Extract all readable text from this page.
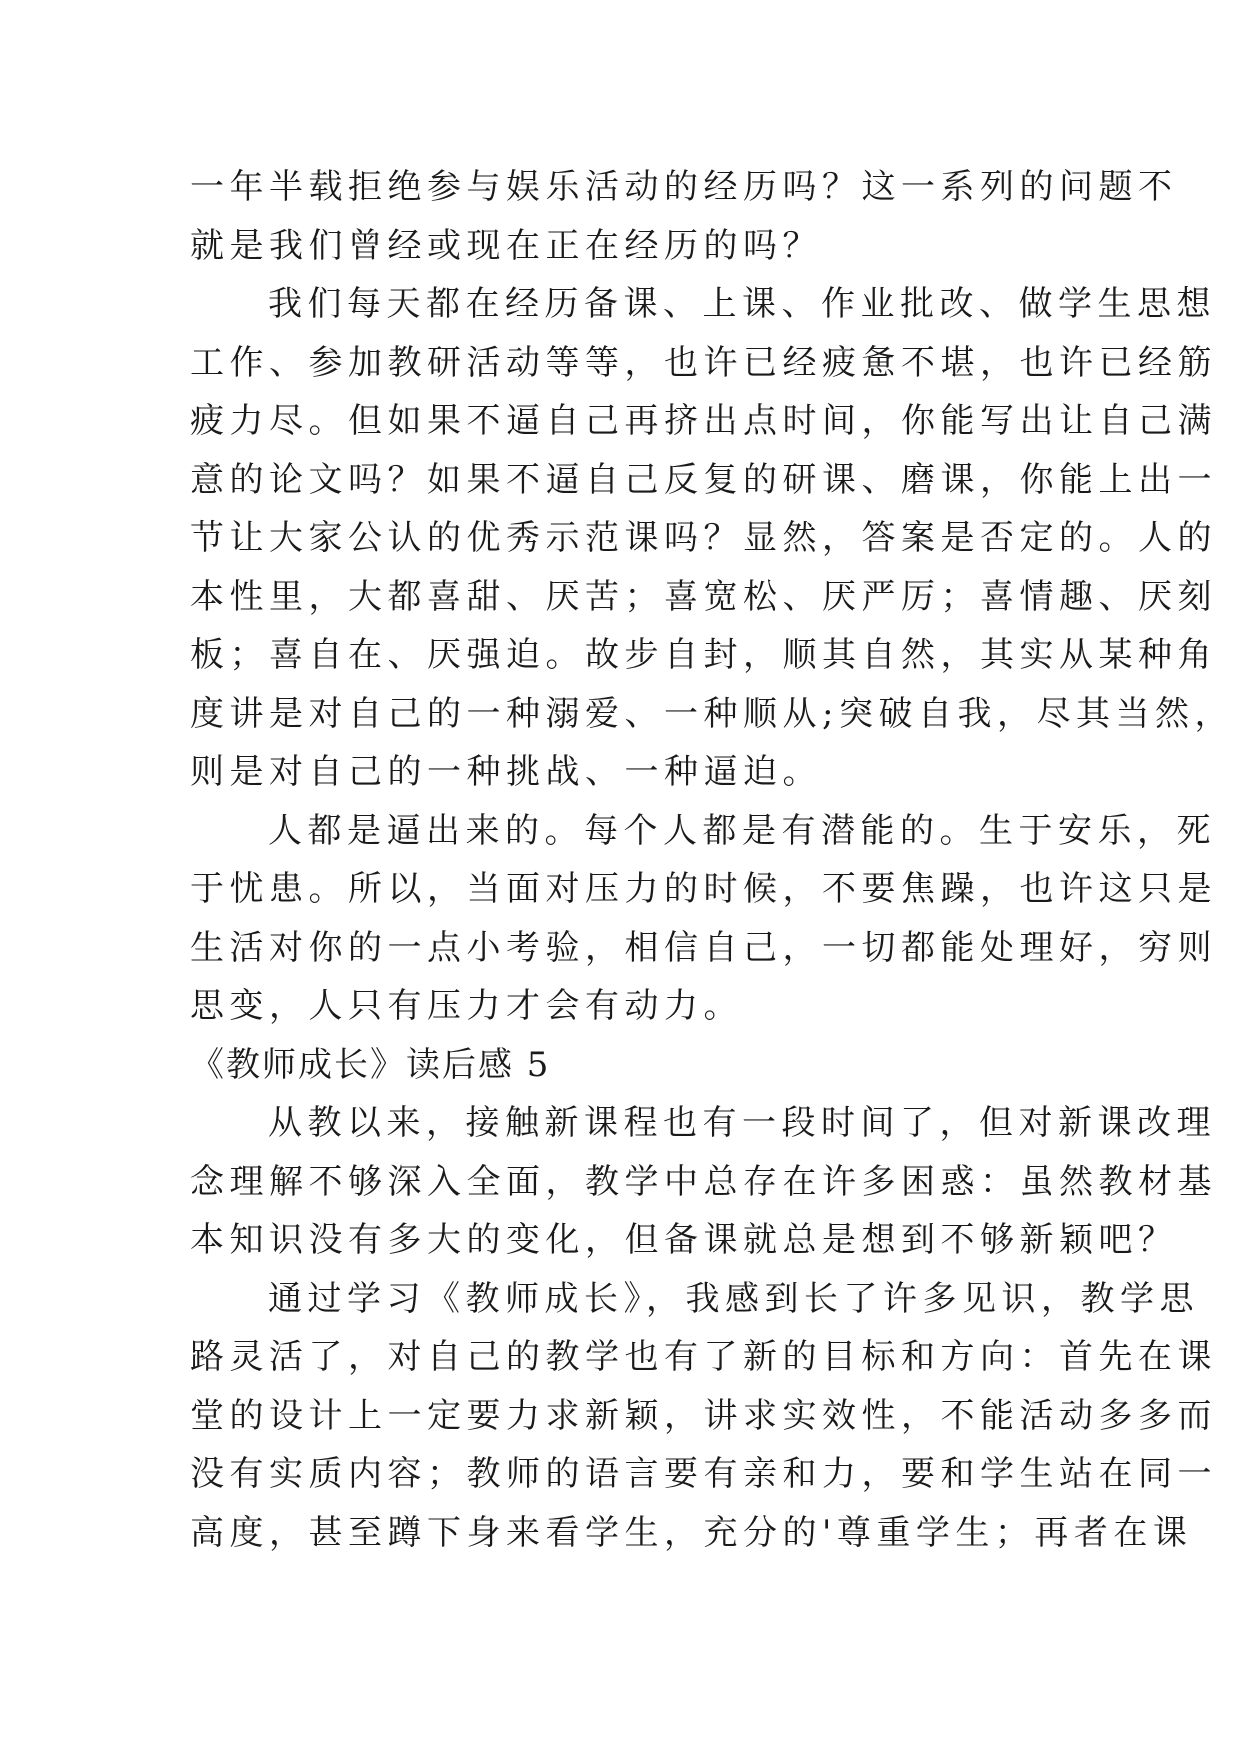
一年半载拒绝参与娱乐活动的经历吗？这一系列的问题不
就是我们曾经或现在正在经历的吗？
我们每天都在经历备课、上课、作业批改、做学生思想
工作、参加教研活动等等，也许已经疲惫不堪，也许已经筋
疲力尽。但如果不逼自己再挤出点时间，你能写出让自己满
意的论文吗？如果不逼自己反复的研课、磨课，你能上出一
节让大家公认的优秀示范课吗？显然，答案是否定的。人的
本性里，大都喜甜、厌苦；喜宽松、厌严厉；喜情趣、厌刻
板；喜自在、厌强迫。故步自封，顺其自然，其实从某种角
度讲是对自己的一种溺爱、一种顺从;突破自我，尽其当然，
则是对自己的一种挑战、一种逼迫。
人都是逼出来的。每个人都是有潜能的。生于安乐，死
于忧患。所以，当面对压力的时候，不要焦躁，也许这只是
生活对你的一点小考验，相信自己，一切都能处理好，穷则
思变，人只有压力才会有动力。
《教师成长》读后感 5
从教以来，接触新课程也有一段时间了，但对新课改理
念理解不够深入全面，教学中总存在许多困惑：虽然教材基
本知识没有多大的变化，但备课就总是想到不够新颖吧？
通过学习《教师成长》，我感到长了许多见识，教学思
路灵活了，对自己的教学也有了新的目标和方向：首先在课
堂的设计上一定要力求新颖，讲求实效性，不能活动多多而
没有实质内容；教师的语言要有亲和力，要和学生站在同一
高度，甚至蹲下身来看学生，充分的'尊重学生；再者在课
